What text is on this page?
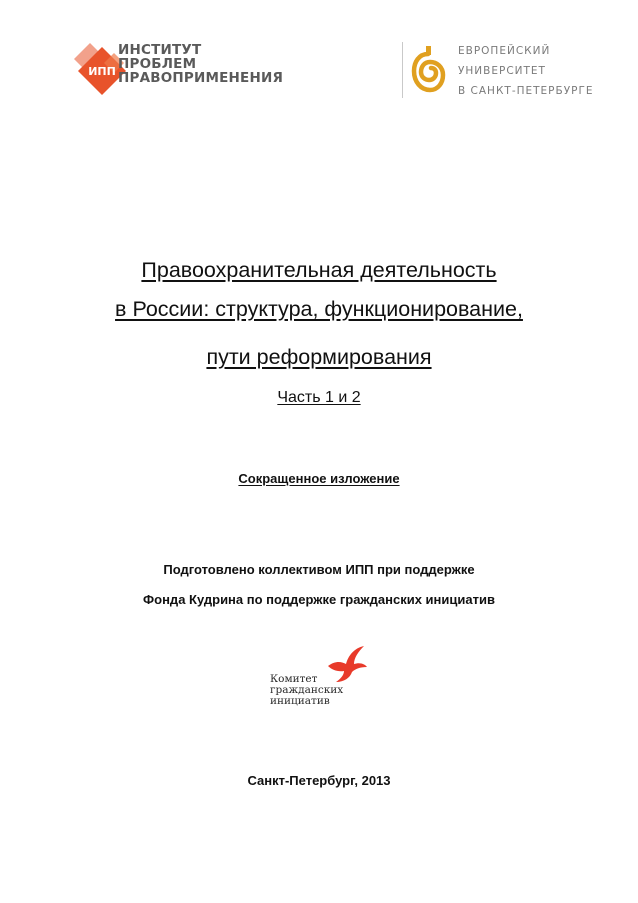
ИПП
ИНСТИТУТ
ПРОБЛЕМ
ПРАВОПРИМЕНЕНИЯ
ЕВРОПЕЙСКИЙ
УНИВЕРСИТЕТ
В САНКТ-ПЕТЕРБУРГЕ
Правоохранительная деятельность
в России: структура, функционирование,
пути реформирования
Часть 1 и 2
Сокращенное изложение
Подготовлено коллективом ИПП при поддержке
Фонда Кудрина по поддержке гражданских инициатив
Комитет
гражданских
инициатив
Санкт-Петербург, 2013
